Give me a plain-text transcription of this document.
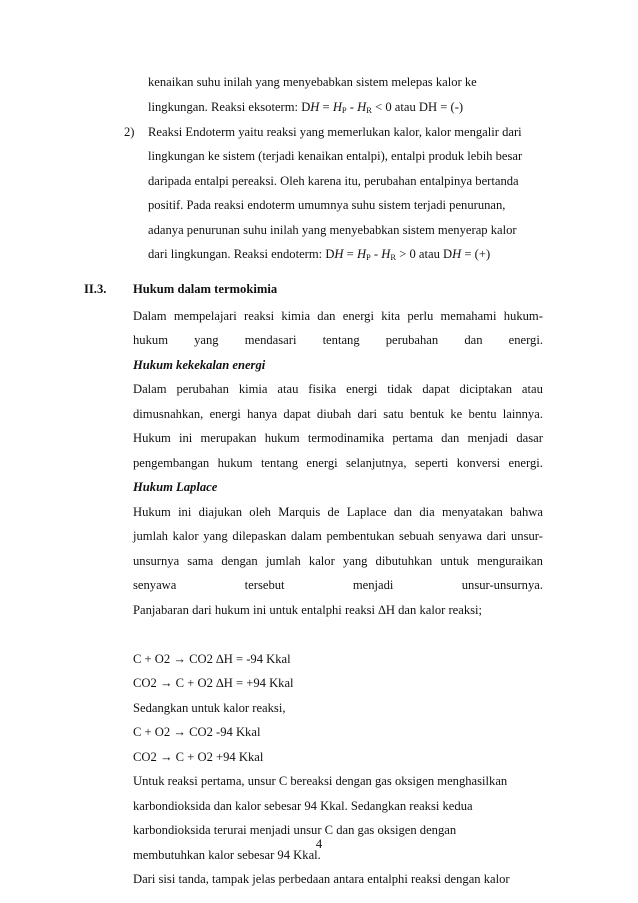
kenaikan suhu inilah yang menyebabkan sistem melepas kalor ke
lingkungan. Reaksi eksoterm: DH = $H_P - H_R < 0$ atau DH = (-)
2) Reaksi Endoterm yaitu reaksi yang memerlukan kalor, kalor mengalir dari
lingkungan ke sistem (terjadi kenaikan entalpi), entalpi produk lebih besar
daripada entalpi pereaksi. Oleh karena itu, perubahan entalpinya bertanda
positif. Pada reaksi endoterm umumnya suhu sistem terjadi penurunan,
adanya penurunan suhu inilah yang menyebabkan sistem menyerap kalor
dari lingkungan. Reaksi endoterm: DH = $H_P - H_R > 0$ atau DH = (+)
II.3. Hukum dalam termokimia
Dalam mempelajari reaksi kimia dan energi kita perlu memahami hukum-
hukum yang mendasari tentang perubahan dan energi.
Hukum kekekalan energi
Dalam perubahan kimia atau fisika energi tidak dapat diciptakan atau
dimusnahkan, energi hanya dapat diubah dari satu bentuk ke bentu lainnya.
Hukum ini merupakan hukum termodinamika pertama dan menjadi dasar
pengembangan hukum tentang energi selanjutnya, seperti konversi energi.
Hukum Laplace
Hukum ini diajukan oleh Marquis de Laplace dan dia menyatakan bahwa
jumlah kalor yang dilepaskan dalam pembentukan sebuah senyawa dari unsur-
unsurnya sama dengan jumlah kalor yang dibutuhkan untuk menguraikan
senyawa	tersebut	menjadi	unsur-unsurnya.
Panjabaran dari hukum ini untuk entalphi reaksi ∆H dan kalor reaksi;
C + O2 → CO2 ∆H = -94 Kkal
CO2 → C + O2 ∆H = +94 Kkal
Sedangkan untuk kalor reaksi,
C + O2 → CO2 -94 Kkal
CO2 → C + O2 +94 Kkal
Untuk reaksi pertama, unsur C bereaksi dengan gas oksigen menghasilkan
karbondioksida dan kalor sebesar 94 Kkal. Sedangkan reaksi kedua
karbondioksida terurai menjadi unsur C dan gas oksigen dengan
membutuhkan kalor sebesar 94 Kkal.
Dari sisi tanda, tampak jelas perbedaan antara entalphi reaksi dengan kalor
4
